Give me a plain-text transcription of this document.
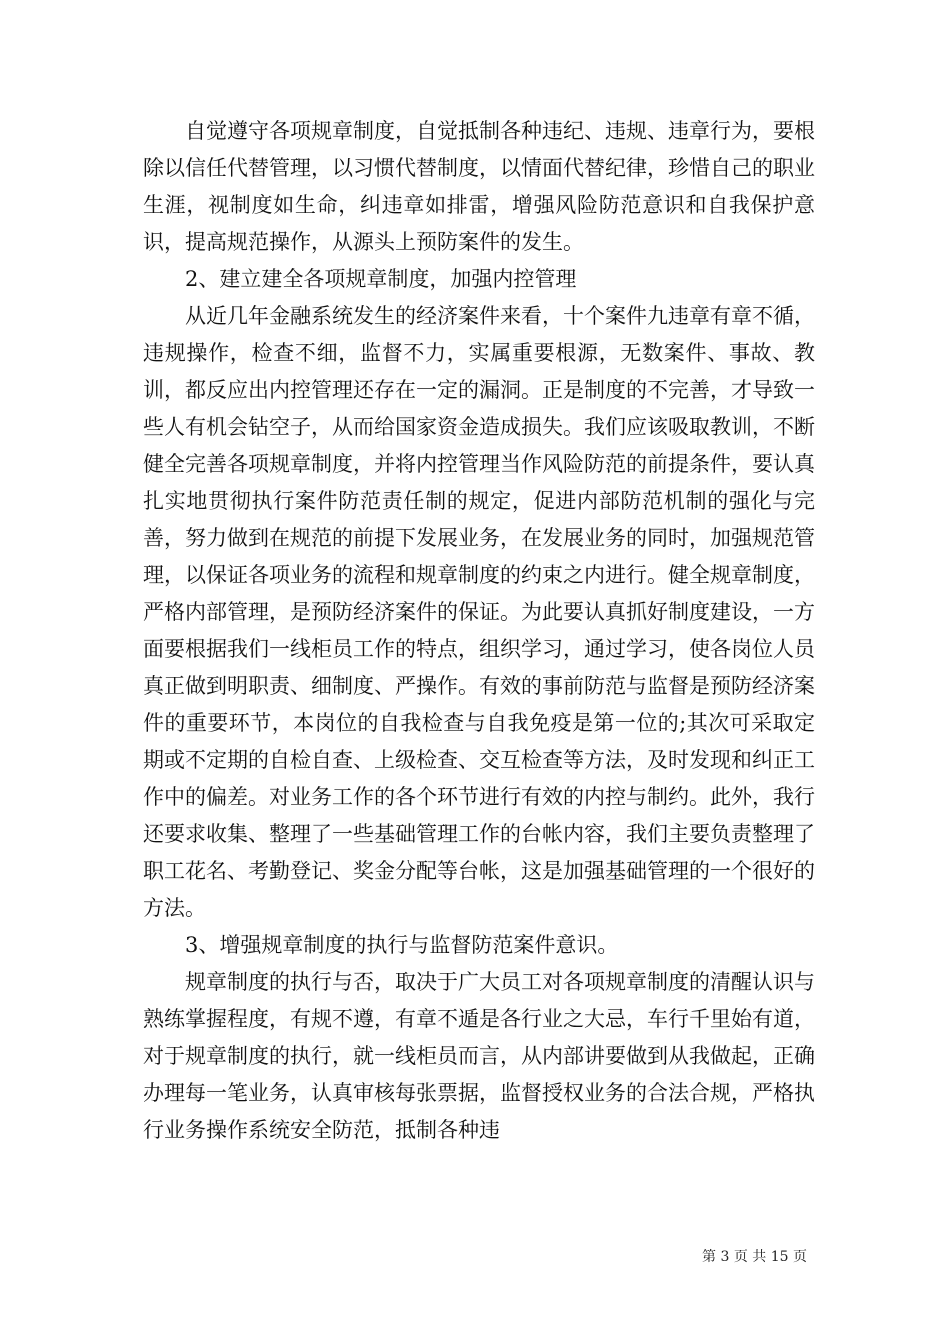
自觉遵守各项规章制度，自觉抵制各种违纪、违规、违章行为，要根除以信任代替管理，以习惯代替制度，以情面代替纪律，珍惜自己的职业生涯，视制度如生命，纠违章如排雷，增强风险防范意识和自我保护意识，提高规范操作，从源头上预防案件的发生。

2、建立建全各项规章制度，加强内控管理

从近几年金融系统发生的经济案件来看，十个案件九违章有章不循，违规操作，检查不细，监督不力，实属重要根源，无数案件、事故、教训，都反应出内控管理还存在一定的漏洞。正是制度的不完善，才导致一些人有机会钻空子，从而给国家资金造成损失。我们应该吸取教训，不断健全完善各项规章制度，并将内控管理当作风险防范的前提条件，要认真扎实地贯彻执行案件防范责任制的规定，促进内部防范机制的强化与完善，努力做到在规范的前提下发展业务，在发展业务的同时，加强规范管理，以保证各项业务的流程和规章制度的约束之内进行。健全规章制度，严格内部管理，是预防经济案件的保证。为此要认真抓好制度建设，一方面要根据我们一线柜员工作的特点，组织学习，通过学习，使各岗位人员真正做到明职责、细制度、严操作。有效的事前防范与监督是预防经济案件的重要环节，本岗位的自我检查与自我免疫是第一位的;其次可采取定期或不定期的自检自查、上级检查、交互检查等方法，及时发现和纠正工作中的偏差。对业务工作的各个环节进行有效的内控与制约。此外，我行还要求收集、整理了一些基础管理工作的台帐内容，我们主要负责整理了职工花名、考勤登记、奖金分配等台帐，这是加强基础管理的一个很好的方法。

3、增强规章制度的执行与监督防范案件意识。

规章制度的执行与否，取决于广大员工对各项规章制度的清醒认识与熟练掌握程度，有规不遵，有章不遁是各行业之大忌，车行千里始有道，对于规章制度的执行，就一线柜员而言，从内部讲要做到从我做起，正确办理每一笔业务，认真审核每张票据，监督授权业务的合法合规，严格执行业务操作系统安全防范，抵制各种违

第 3 页 共 15 页
